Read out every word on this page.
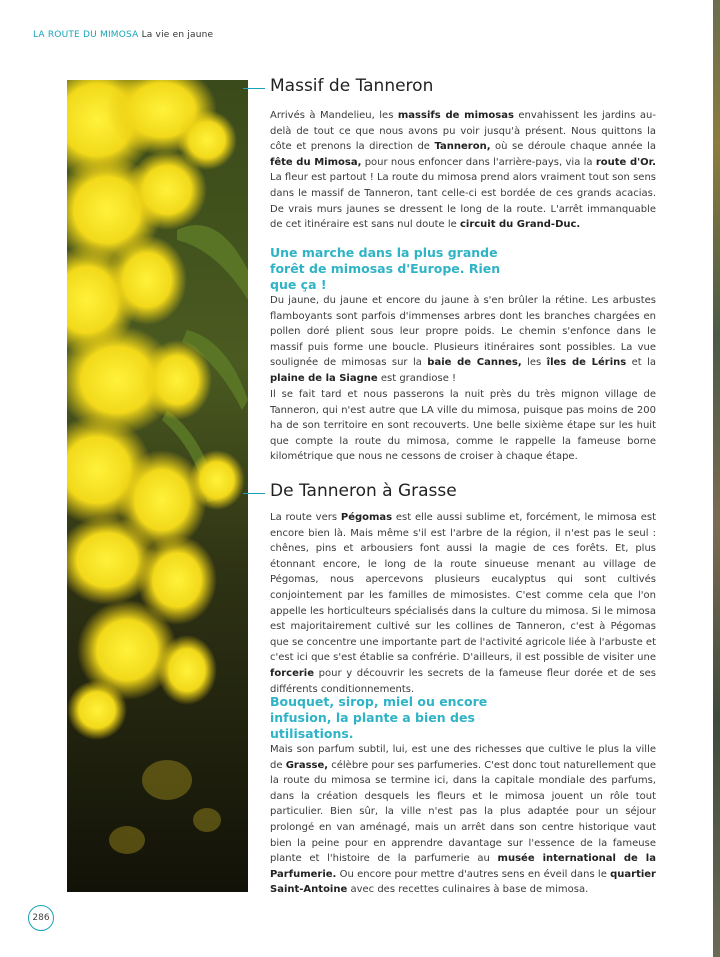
LA ROUTE DU MIMOSA La vie en jaune
Massif de Tanneron
Arrivés à Mandelieu, les massifs de mimosas envahissent les jardins au-delà de tout ce que nous avons pu voir jusqu'à présent. Nous quittons la côte et prenons la direction de Tanneron, où se déroule chaque année la fête du Mimosa, pour nous enfoncer dans l'arrière-pays, via la route d'Or. La fleur est partout ! La route du mimosa prend alors vraiment tout son sens dans le massif de Tanneron, tant celle-ci est bordée de ces grands acacias. De vrais murs jaunes se dressent le long de la route. L'arrêt immanquable de cet itinéraire est sans nul doute le circuit du Grand-Duc.
Une marche dans la plus grande forêt de mimosas d'Europe. Rien que ça !
Du jaune, du jaune et encore du jaune à s'en brûler la rétine. Les arbustes flamboyants sont parfois d'immenses arbres dont les branches chargées en pollen doré plient sous leur propre poids. Le chemin s'enfonce dans le massif puis forme une boucle. Plusieurs itinéraires sont possibles. La vue soulignée de mimosas sur la baie de Cannes, les îles de Lérins et la plaine de la Siagne est grandiose !
Il se fait tard et nous passerons la nuit près du très mignon village de Tanneron, qui n'est autre que LA ville du mimosa, puisque pas moins de 200 ha de son territoire en sont recouverts. Une belle sixième étape sur les huit que compte la route du mimosa, comme le rappelle la fameuse borne kilométrique que nous ne cessons de croiser à chaque étape.
De Tanneron à Grasse
La route vers Pégomas est elle aussi sublime et, forcément, le mimosa est encore bien là. Mais même s'il est l'arbre de la région, il n'est pas le seul : chênes, pins et arbousiers font aussi la magie de ces forêts. Et, plus étonnant encore, le long de la route sinueuse menant au village de Pégomas, nous apercevons plusieurs eucalyptus qui sont cultivés conjointement par les familles de mimosistes. C'est comme cela que l'on appelle les horticulteurs spécialisés dans la culture du mimosa. Si le mimosa est majoritairement cultivé sur les collines de Tanneron, c'est à Pégomas que se concentre une importante part de l'activité agricole liée à l'arbuste et c'est ici que s'est établie sa confrérie. D'ailleurs, il est possible de visiter une forcerie pour y découvrir les secrets de la fameuse fleur dorée et de ses différents conditionnements.
Bouquet, sirop, miel ou encore infusion, la plante a bien des utilisations.
Mais son parfum subtil, lui, est une des richesses que cultive le plus la ville de Grasse, célèbre pour ses parfumeries. C'est donc tout naturellement que la route du mimosa se termine ici, dans la capitale mondiale des parfums, dans la création desquels les fleurs et le mimosa jouent un rôle tout particulier. Bien sûr, la ville n'est pas la plus adaptée pour un séjour prolongé en van aménagé, mais un arrêt dans son centre historique vaut bien la peine pour en apprendre davantage sur l'essence de la fameuse plante et l'histoire de la parfumerie au musée international de la Parfumerie. Ou encore pour mettre d'autres sens en éveil dans le quartier Saint-Antoine avec des recettes culinaires à base de mimosa.
286
